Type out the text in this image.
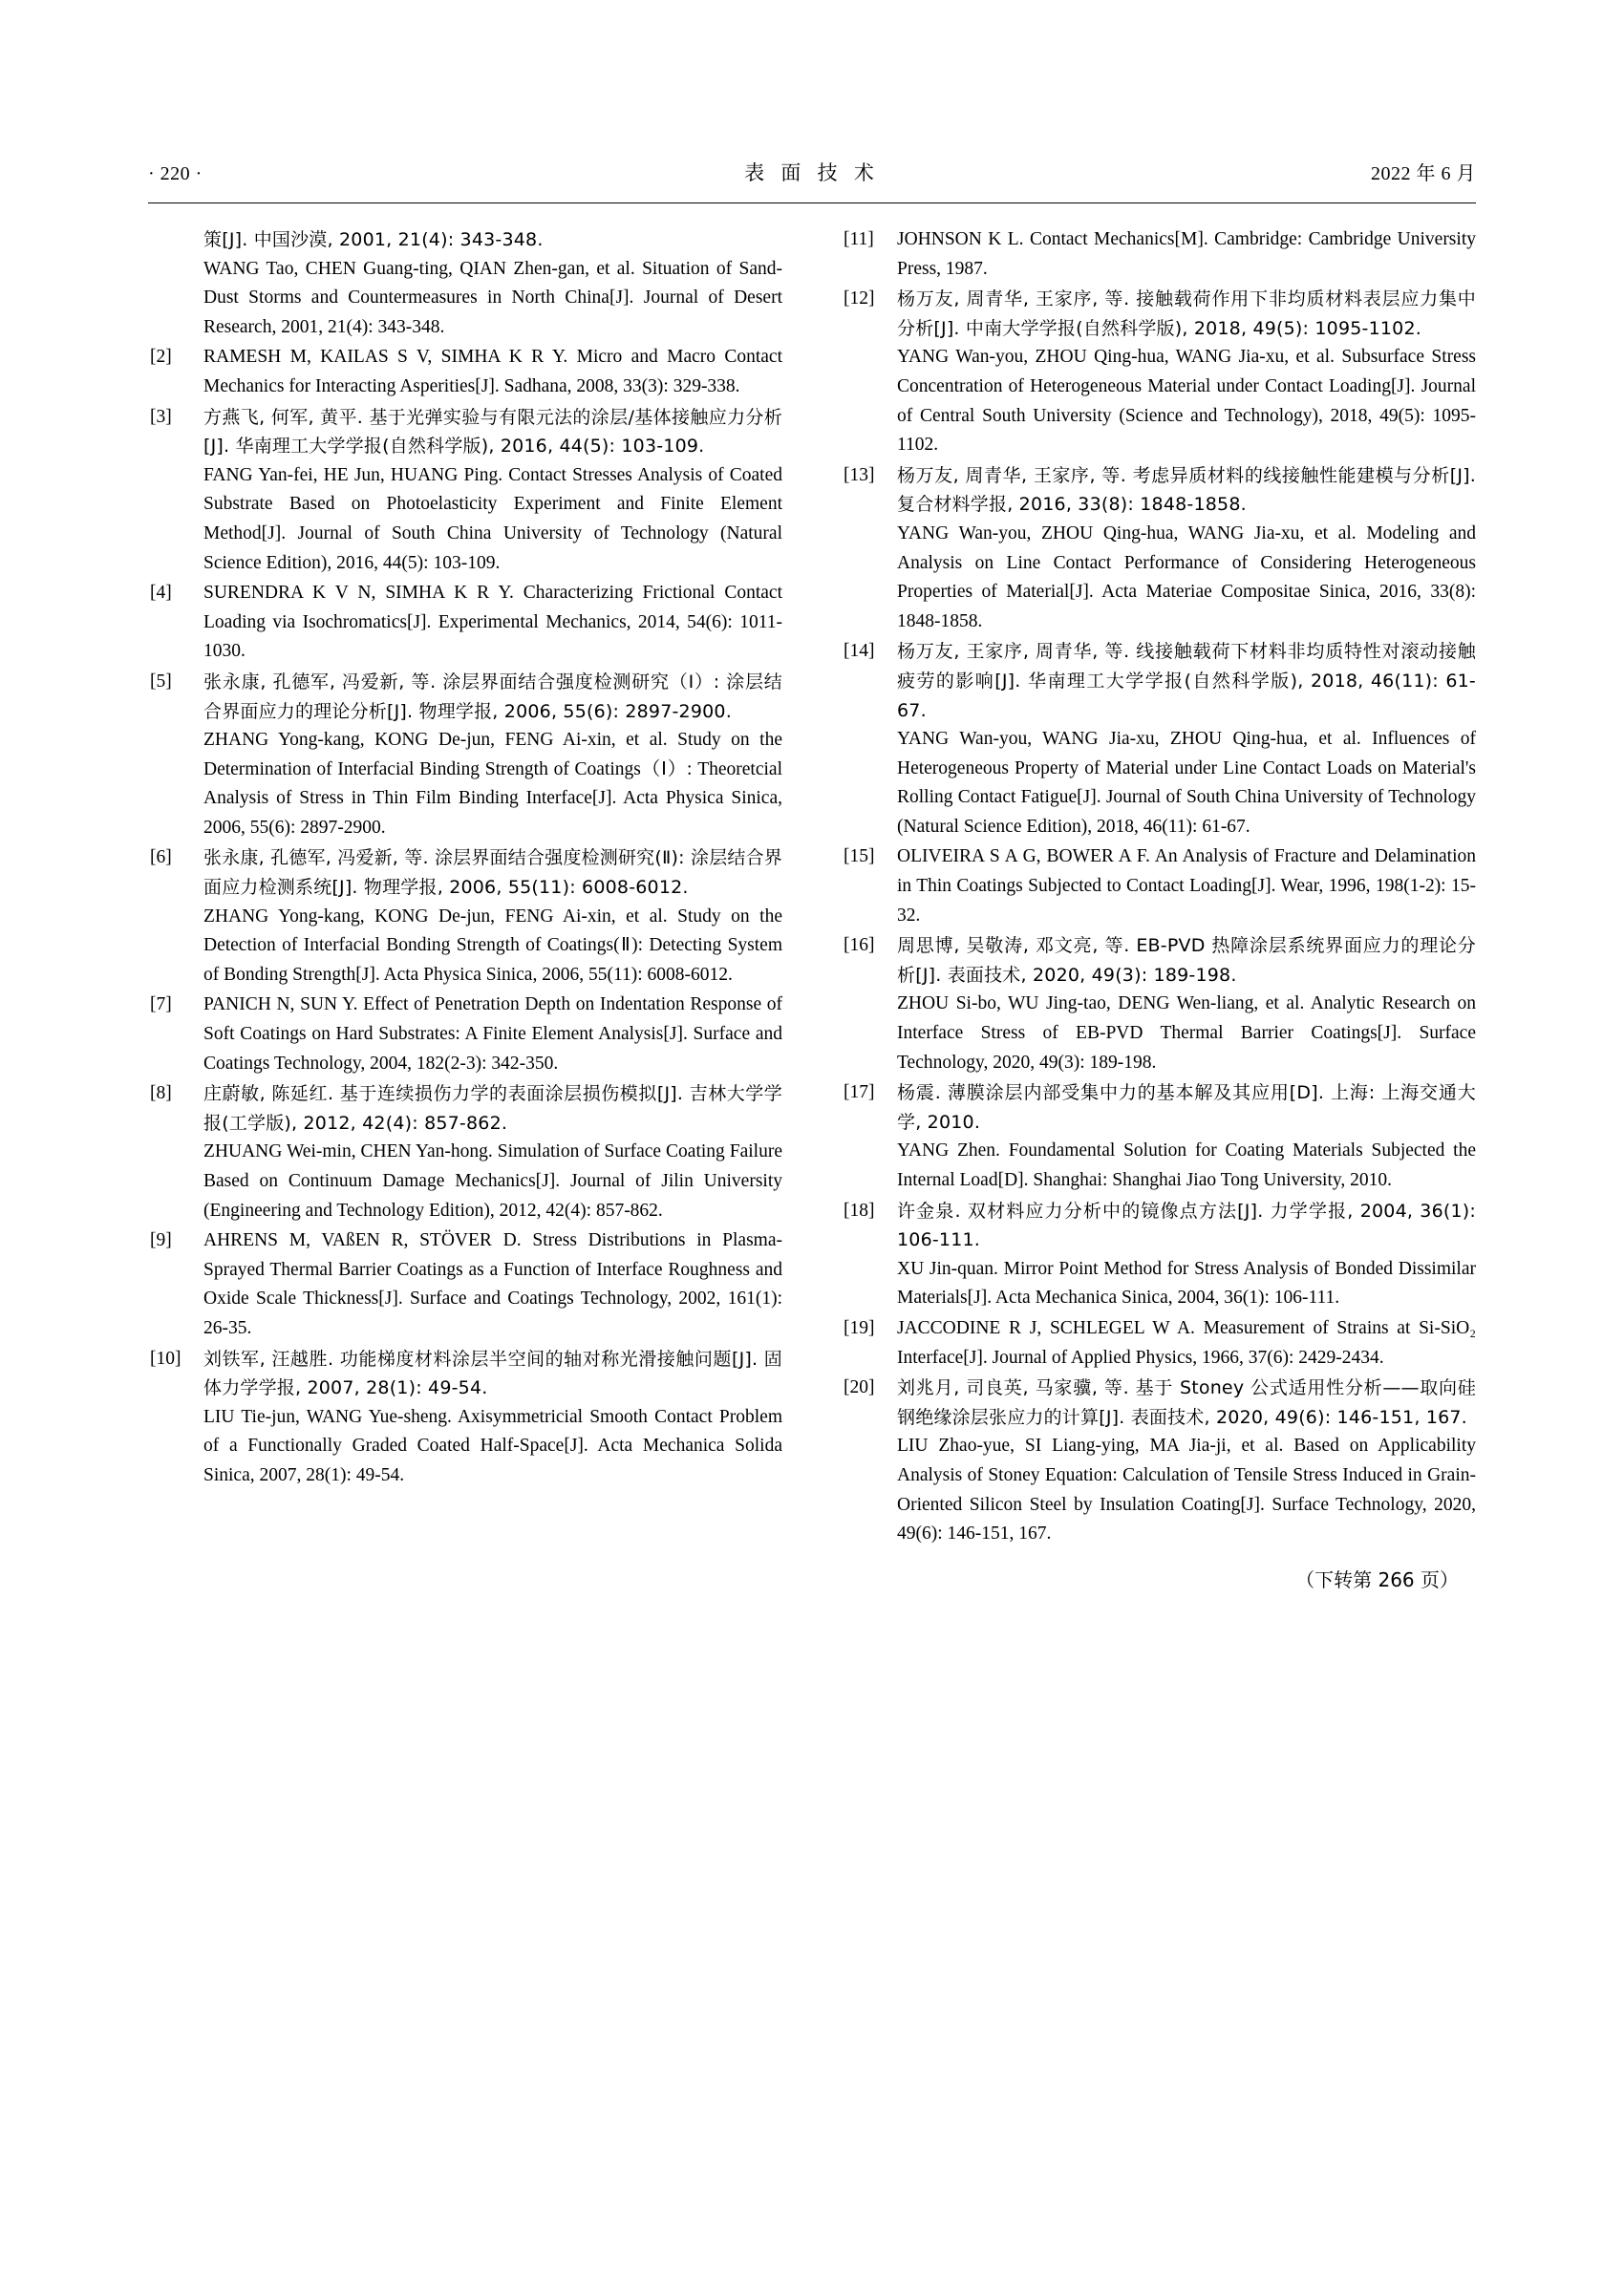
· 220 ·	表 面 技 术	2022 年 6 月

策[J]. 中国沙漠, 2001, 21(4): 343-348.

WANG Tao, CHEN Guang-ting, QIAN Zhen-gan, et al. Situation of Sand-Dust Storms and Countermeasures in North China[J]. Journal of Desert Research, 2001, 21(4): 343-348.

[2]	RAMESH M, KAILAS S V, SIMHA K R Y. Micro and Macro Contact Mechanics for Interacting Asperities[J]. Sadhana, 2008, 33(3): 329-338.

[3]	方燕飞, 何军, 黄平. 基于光弹实验与有限元法的涂层/基体接触应力分析[J]. 华南理工大学学报(自然科学版), 2016, 44(5): 103-109.

FANG Yan-fei, HE Jun, HUANG Ping. Contact Stresses Analysis of Coated Substrate Based on Photoelasticity Experiment and Finite Element Method[J]. Journal of South China University of Technology (Natural Science Edition), 2016, 44(5): 103-109.

[4]	SURENDRA K V N, SIMHA K R Y. Characterizing Frictional Contact Loading via Isochromatics[J]. Experimental Mechanics, 2014, 54(6): 1011-1030.

[5]	张永康, 孔德军, 冯爱新, 等. 涂层界面结合强度检测研究（Ⅰ）: 涂层结合界面应力的理论分析[J]. 物理学报, 2006, 55(6): 2897-2900.

ZHANG Yong-kang, KONG De-jun, FENG Ai-xin, et al. Study on the Determination of Interfacial Binding Strength of Coatings（Ⅰ）: Theoretcial Analysis of Stress in Thin Film Binding Interface[J]. Acta Physica Sinica, 2006, 55(6): 2897-2900.

[6]	张永康, 孔德军, 冯爱新, 等. 涂层界面结合强度检测研究(Ⅱ): 涂层结合界面应力检测系统[J]. 物理学报, 2006, 55(11): 6008-6012.

ZHANG Yong-kang, KONG De-jun, FENG Ai-xin, et al. Study on the Detection of Interfacial Bonding Strength of Coatings(Ⅱ): Detecting System of Bonding Strength[J]. Acta Physica Sinica, 2006, 55(11): 6008-6012.

[7]	PANICH N, SUN Y. Effect of Penetration Depth on Indentation Response of Soft Coatings on Hard Substrates: A Finite Element Analysis[J]. Surface and Coatings Technology, 2004, 182(2-3): 342-350.

[8]	庄蔚敏, 陈延红. 基于连续损伤力学的表面涂层损伤模拟[J]. 吉林大学学报(工学版), 2012, 42(4): 857-862.

ZHUANG Wei-min, CHEN Yan-hong. Simulation of Surface Coating Failure Based on Continuum Damage Mechanics[J]. Journal of Jilin University (Engineering and Technology Edition), 2012, 42(4): 857-862.

[9]	AHRENS M, VAßEN R, STÖVER D. Stress Distributions in Plasma-Sprayed Thermal Barrier Coatings as a Function of Interface Roughness and Oxide Scale Thickness[J]. Surface and Coatings Technology, 2002, 161(1): 26-35.

[10]	刘铁军, 汪越胜. 功能梯度材料涂层半空间的轴对称光滑接触问题[J]. 固体力学学报, 2007, 28(1): 49-54.

LIU Tie-jun, WANG Yue-sheng. Axisymmetricial Smooth Contact Problem of a Functionally Graded Coated Half-Space[J]. Acta Mechanica Solida Sinica, 2007, 28(1): 49-54.

[11]	JOHNSON K L. Contact Mechanics[M]. Cambridge: Cambridge University Press, 1987.

[12]	杨万友, 周青华, 王家序, 等. 接触载荷作用下非均质材料表层应力集中分析[J]. 中南大学学报(自然科学版), 2018, 49(5): 1095-1102.

YANG Wan-you, ZHOU Qing-hua, WANG Jia-xu, et al. Subsurface Stress Concentration of Heterogeneous Material under Contact Loading[J]. Journal of Central South University (Science and Technology), 2018, 49(5): 1095-1102.

[13]	杨万友, 周青华, 王家序, 等. 考虑异质材料的线接触性能建模与分析[J]. 复合材料学报, 2016, 33(8): 1848-1858.

YANG Wan-you, ZHOU Qing-hua, WANG Jia-xu, et al. Modeling and Analysis on Line Contact Performance of Considering Heterogeneous Properties of Material[J]. Acta Materiae Compositae Sinica, 2016, 33(8): 1848-1858.

[14]	杨万友, 王家序, 周青华, 等. 线接触载荷下材料非均质特性对滚动接触疲劳的影响[J]. 华南理工大学学报(自然科学版), 2018, 46(11): 61-67.

YANG Wan-you, WANG Jia-xu, ZHOU Qing-hua, et al. Influences of Heterogeneous Property of Material under Line Contact Loads on Material's Rolling Contact Fatigue[J]. Journal of South China University of Technology (Natural Science Edition), 2018, 46(11): 61-67.

[15]	OLIVEIRA S A G, BOWER A F. An Analysis of Fracture and Delamination in Thin Coatings Subjected to Contact Loading[J]. Wear, 1996, 198(1-2): 15-32.

[16]	周思博, 吴敬涛, 邓文亮, 等. EB-PVD 热障涂层系统界面应力的理论分析[J]. 表面技术, 2020, 49(3): 189-198.

ZHOU Si-bo, WU Jing-tao, DENG Wen-liang, et al. Analytic Research on Interface Stress of EB-PVD Thermal Barrier Coatings[J]. Surface Technology, 2020, 49(3): 189-198.

[17]	杨震. 薄膜涂层内部受集中力的基本解及其应用[D]. 上海: 上海交通大学, 2010.

YANG Zhen. Foundamental Solution for Coating Materials Subjected the Internal Load[D]. Shanghai: Shanghai Jiao Tong University, 2010.

[18]	许金泉. 双材料应力分析中的镜像点方法[J]. 力学学报, 2004, 36(1): 106-111.

XU Jin-quan. Mirror Point Method for Stress Analysis of Bonded Dissimilar Materials[J]. Acta Mechanica Sinica, 2004, 36(1): 106-111.

[19]	JACCODINE R J, SCHLEGEL W A. Measurement of Strains at Si-SiO₂ Interface[J]. Journal of Applied Physics, 1966, 37(6): 2429-2434.

[20]	刘兆月, 司良英, 马家骥, 等. 基于 Stoney 公式适用性分析——取向硅钢绝缘涂层张应力的计算[J]. 表面技术, 2020, 49(6): 146-151, 167.

LIU Zhao-yue, SI Liang-ying, MA Jia-ji, et al. Based on Applicability Analysis of Stoney Equation: Calculation of Tensile Stress Induced in Grain-Oriented Silicon Steel by Insulation Coating[J]. Surface Technology, 2020, 49(6): 146-151, 167.

（下转第 266 页）
